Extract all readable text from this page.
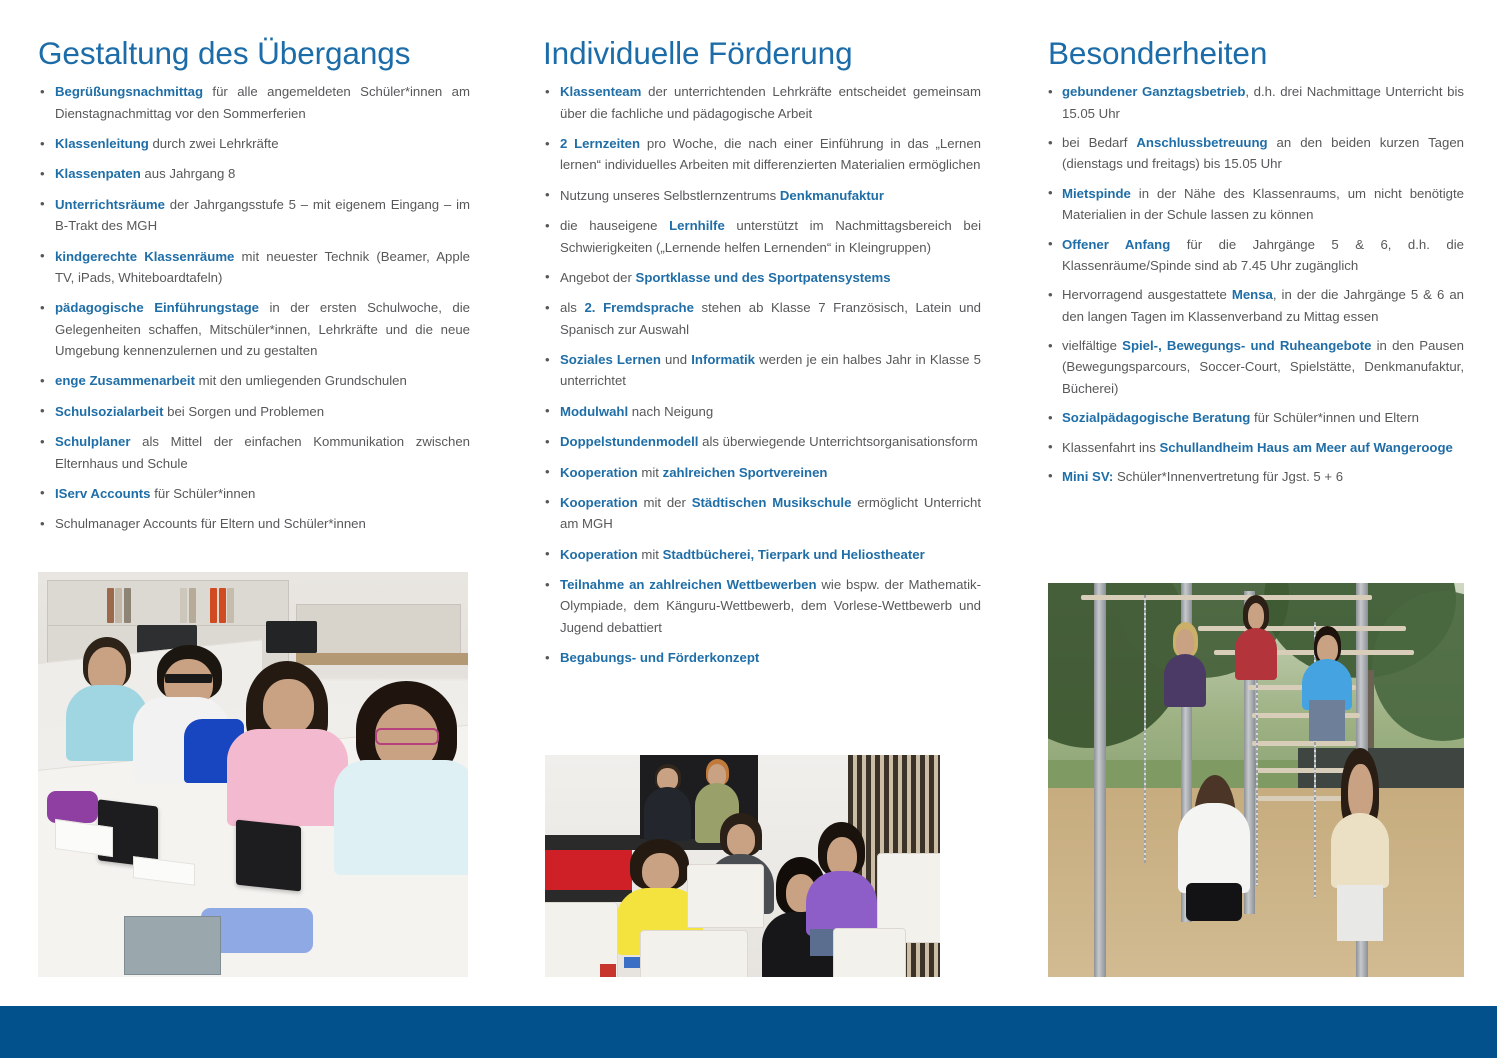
Gestaltung des Übergangs
• Begrüßungsnachmittag für alle angemeldeten Schüler*innen am Dienstagnachmittag vor den Sommerferien
• Klassenleitung durch zwei Lehrkräfte
• Klassenpaten aus Jahrgang 8
• Unterrichtsräume der Jahrgangsstufe 5 – mit eigenem Eingang – im B-Trakt des MGH
• kindgerechte Klassenräume mit neuester Technik (Beamer, Apple TV, iPads, Whiteboardtafeln)
• pädagogische Einführungstage in der ersten Schulwoche, die Gelegenheiten schaffen, Mitschüler*innen, Lehrkräfte und die neue Umgebung kennenzulernen und zu gestalten
• enge Zusammenarbeit mit den umliegenden Grundschulen
• Schulsozialarbeit bei Sorgen und Problemen
• Schulplaner als Mittel der einfachen Kommunikation zwischen Elternhaus und Schule
• IServ Accounts für Schüler*innen
• Schulmanager Accounts für Eltern und Schüler*innen
Individuelle Förderung
• Klassenteam der unterrichtenden Lehrkräfte entscheidet gemeinsam über die fachliche und pädagogische Arbeit
• 2 Lernzeiten pro Woche, die nach einer Einführung in das „Lernen lernen“ individuelles Arbeiten mit differenzierten Materialien ermöglichen
• Nutzung unseres Selbstlernzentrums Denkmanufaktur
• die hauseigene Lernhilfe unterstützt im Nachmittagsbereich bei Schwierigkeiten („Lernende helfen Lernenden“ in Kleingruppen)
• Angebot der Sportklasse und des Sportpatensystems
• als 2. Fremdsprache stehen ab Klasse 7 Französisch, Latein und Spanisch zur Auswahl
• Soziales Lernen und Informatik werden je ein halbes Jahr in Klasse 5 unterrichtet
• Modulwahl nach Neigung
• Doppelstundenmodell als überwiegende Unterrichtsorganisationsform
• Kooperation mit zahlreichen Sportvereinen
• Kooperation mit der Städtischen Musikschule ermöglicht Unterricht am MGH
• Kooperation mit Stadtbücherei, Tierpark und Heliostheater
• Teilnahme an zahlreichen Wettbewerben wie bspw. der Mathematik-Olympiade, dem Känguru-Wettbewerb, dem Vorlese-Wettbewerb und Jugend debattiert
• Begabungs- und Förderkonzept
Besonderheiten
• gebundener Ganztagsbetrieb, d.h. drei Nachmittage Unterricht bis 15.05 Uhr
• bei Bedarf Anschlussbetreuung an den beiden kurzen Tagen (dienstags und freitags) bis 15.05 Uhr
• Mietspinde in der Nähe des Klassenraums, um nicht benötigte Materialien in der Schule lassen zu können
• Offener Anfang für die Jahrgänge 5 & 6, d.h. die Klassenräume/Spinde sind ab 7.45 Uhr zugänglich
• Hervorragend ausgestattete Mensa, in der die Jahrgänge 5 & 6 an den langen Tagen im Klassenverband zu Mittag essen
• vielfältige Spiel-, Bewegungs- und Ruheangebote in den Pausen (Bewegungsparcours, Soccer-Court, Spielstätte, Denkmanufaktur, Bücherei)
• Sozialpädagogische Beratung für Schüler*innen und Eltern
• Klassenfahrt ins Schullandheim Haus am Meer auf Wangerooge
• Mini SV: Schüler*Innenvertretung für Jgst. 5 + 6
